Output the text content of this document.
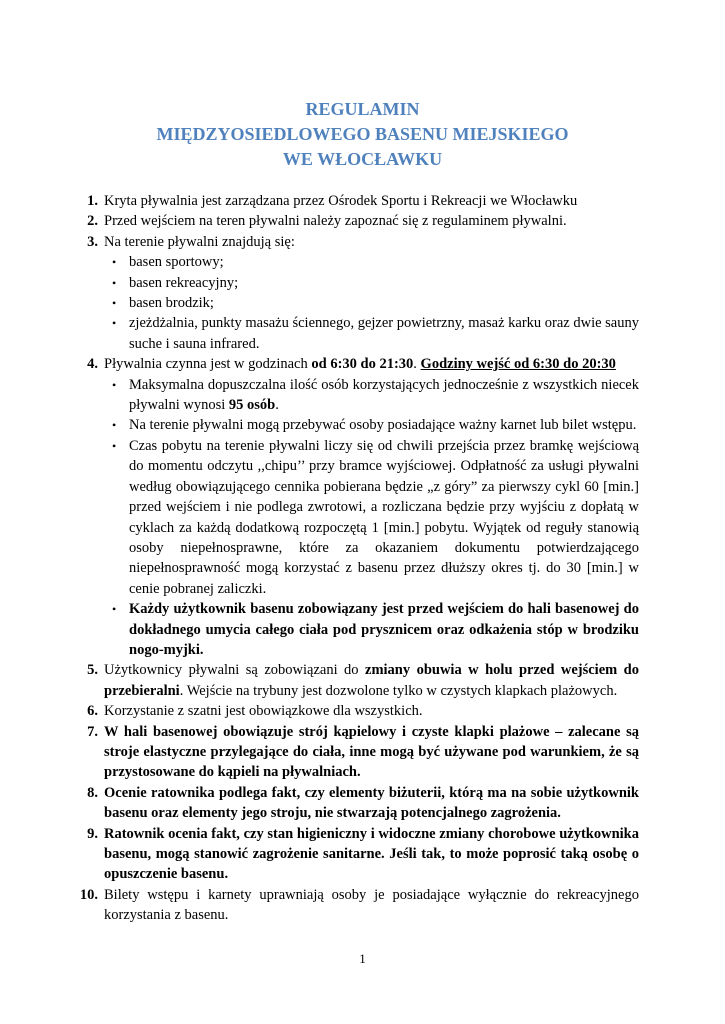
REGULAMIN
MIĘDZYOSIEDLOWEGO BASENU MIEJSKIEGO
WE WŁOCŁAWKU
1. Kryta pływalnia jest zarządzana przez Ośrodek Sportu i Rekreacji we Włocławku
2. Przed wejściem na teren pływalni należy zapoznać się z regulaminem pływalni.
3. Na terenie pływalni znajdują się:
• basen sportowy;
• basen rekreacyjny;
• basen brodzik;
• zjeżdżalnia, punkty masażu ściennego, gejzer powietrzny, masaż karku oraz dwie sauny suche i sauna infrared.
4. Pływalnia czynna jest w godzinach od 6:30 do 21:30. Godziny wejść od 6:30 do 20:30
• Maksymalna dopuszczalna ilość osób korzystających jednocześnie z wszystkich niecek pływalni wynosi 95 osób.
• Na terenie pływalni mogą przebywać osoby posiadające ważny karnet lub bilet wstępu.
• Czas pobytu na terenie pływalni liczy się od chwili przejścia przez bramkę wejściową do momentu odczytu ,,chipu’’ przy bramce wyjściowej. Odpłatność za usługi pływalni według obowiązującego cennika pobierana będzie „z góry” za pierwszy cykl 60 [min.] przed wejściem i nie podlega zwrotowi, a rozliczana będzie przy wyjściu z dopłatą w cyklach za każdą dodatkową rozpoczętą 1 [min.] pobytu. Wyjątek od reguły stanowią osoby niepełnosprawne, które za okazaniem dokumentu potwierdzającego niepełnosprawność mogą korzystać z basenu przez dłuższy okres tj. do 30 [min.] w cenie pobranej zaliczki.
• Każdy użytkownik basenu zobowiązany jest przed wejściem do hali basenowej do dokładnego umycia całego ciała pod prysznicem oraz odkażenia stóp w brodziku nogo-myjki.
5. Użytkownicy pływalni są zobowiązani do zmiany obuwia w holu przed wejściem do przebieralni. Wejście na trybuny jest dozwolone tylko w czystych klapkach plażowych.
6. Korzystanie z szatni jest obowiązkowe dla wszystkich.
7. W hali basenowej obowiązuje strój kąpielowy i czyste klapki plażowe – zalecane są stroje elastyczne przylegające do ciała, inne mogą być używane pod warunkiem, że są przystosowane do kąpieli na pływalniach.
8. Ocenie ratownika podlega fakt, czy elementy biżuterii, którą ma na sobie użytkownik basenu oraz elementy jego stroju, nie stwarzają potencjalnego zagrożenia.
9. Ratownik ocenia fakt, czy stan higieniczny i widoczne zmiany chorobowe użytkownika basenu, mogą stanowić zagrożenie sanitarne. Jeśli tak, to może poprosić taką osobę o opuszczenie basenu.
10. Bilety wstępu i karnety uprawniają osoby je posiadające wyłącznie do rekreacyjnego korzystania z basenu.
1
